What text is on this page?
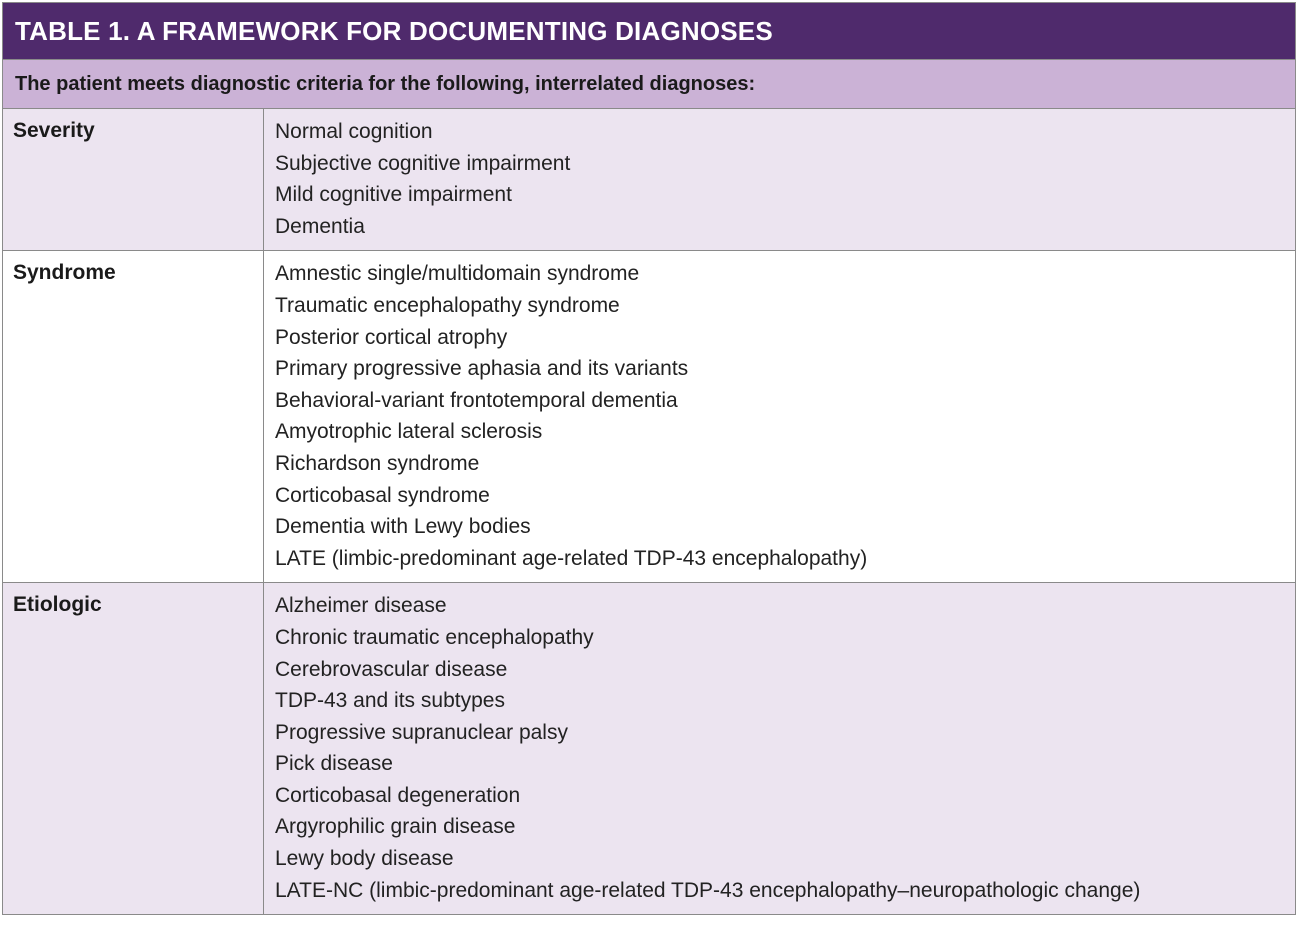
TABLE 1. A FRAMEWORK FOR DOCUMENTING DIAGNOSES
The patient meets diagnostic criteria for the following, interrelated diagnoses:
Severity	Normal cognition
Subjective cognitive impairment
Mild cognitive impairment
Dementia
Syndrome	Amnestic single/multidomain syndrome
Traumatic encephalopathy syndrome
Posterior cortical atrophy
Primary progressive aphasia and its variants
Behavioral-variant frontotemporal dementia
Amyotrophic lateral sclerosis
Richardson syndrome
Corticobasal syndrome
Dementia with Lewy bodies
LATE (limbic-predominant age-related TDP-43 encephalopathy)
Etiologic	Alzheimer disease
Chronic traumatic encephalopathy
Cerebrovascular disease
TDP-43 and its subtypes
Progressive supranuclear palsy
Pick disease
Corticobasal degeneration
Argyrophilic grain disease
Lewy body disease
LATE-NC (limbic-predominant age-related TDP-43 encephalopathy–neuropathologic change)
